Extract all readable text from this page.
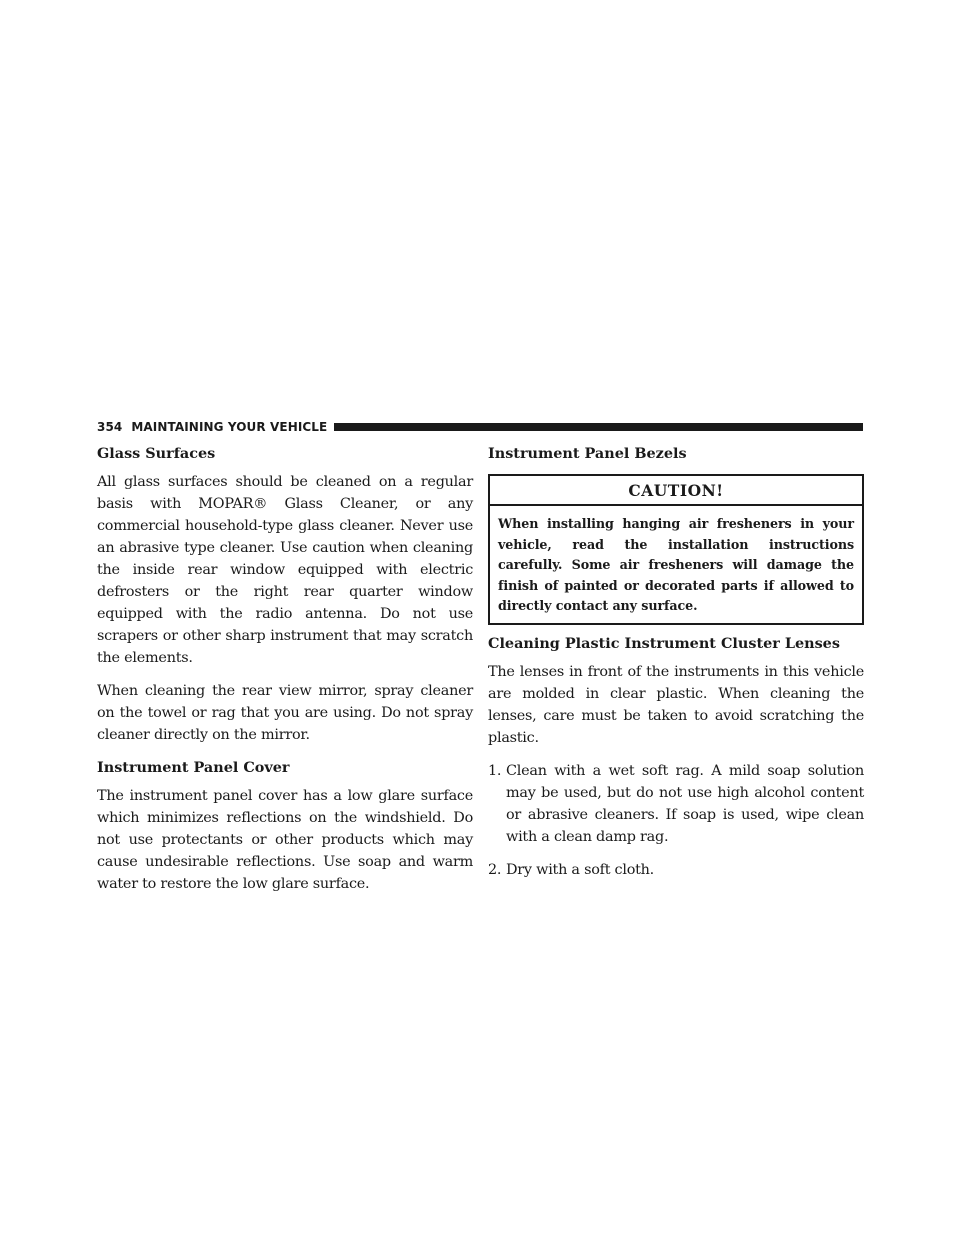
354 MAINTAINING YOUR VEHICLE
Glass Surfaces

All glass surfaces should be cleaned on a regular basis with MOPAR® Glass Cleaner, or any commercial household-type glass cleaner. Never use an abrasive type cleaner. Use caution when cleaning the inside rear window equipped with electric defrosters or the right rear quarter window equipped with the radio antenna. Do not use scrapers or other sharp instrument that may scratch the elements.

When cleaning the rear view mirror, spray cleaner on the towel or rag that you are using. Do not spray cleaner directly on the mirror.

Instrument Panel Cover

The instrument panel cover has a low glare surface which minimizes reflections on the windshield. Do not use protectants or other products which may cause undesirable reflections. Use soap and warm water to restore the low glare surface.

Instrument Panel Bezels
CAUTION!
When installing hanging air fresheners in your vehicle, read the installation instructions carefully. Some air fresheners will damage the finish of painted or decorated parts if allowed to directly contact any surface.
Cleaning Plastic Instrument Cluster Lenses

The lenses in front of the instruments in this vehicle are molded in clear plastic. When cleaning the lenses, care must be taken to avoid scratching the plastic.

1. Clean with a wet soft rag. A mild soap solution may be used, but do not use high alcohol content or abrasive cleaners. If soap is used, wipe clean with a clean damp rag.
2. Dry with a soft cloth.
